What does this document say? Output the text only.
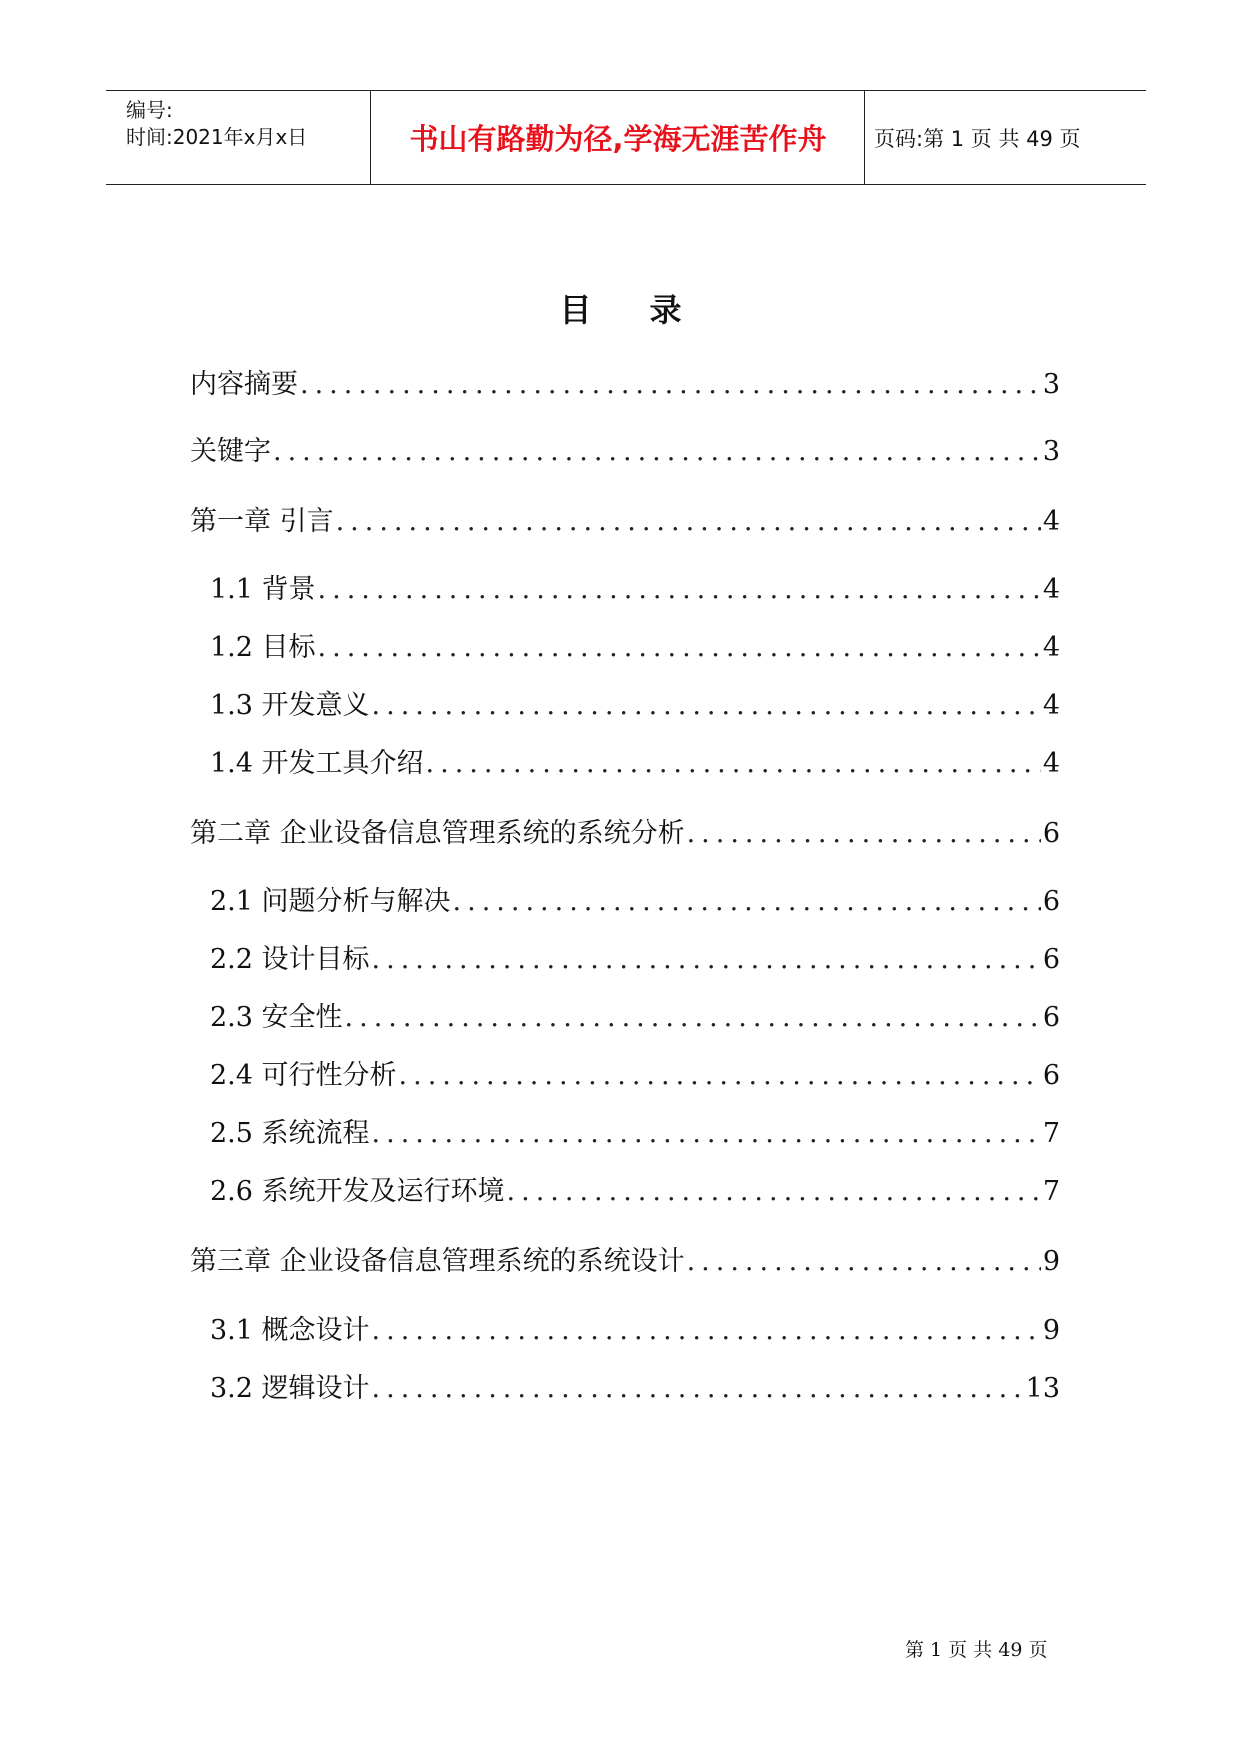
编号:
时间:2021年x月x日	书山有路勤为径,学海无涯苦作舟	页码:第 1 页 共 49 页
目录
内容摘要 .....	3
关键字 .....	3
第一章 引言 .....	4
1.1 背景 .....	4
1.2 目标 .....	4
1.3 开发意义 .....	4
1.4 开发工具介绍 .....	4
第二章 企业设备信息管理系统的系统分析 .....	6
2.1 问题分析与解决 .....	6
2.2 设计目标 .....	6
2.3 安全性 .....	6
2.4 可行性分析 .....	6
2.5 系统流程 .....	7
2.6 系统开发及运行环境 .....	7
第三章 企业设备信息管理系统的系统设计 .....	9
3.1 概念设计 .....	9
3.2 逻辑设计 .....	13
第 1 页 共 49 页
